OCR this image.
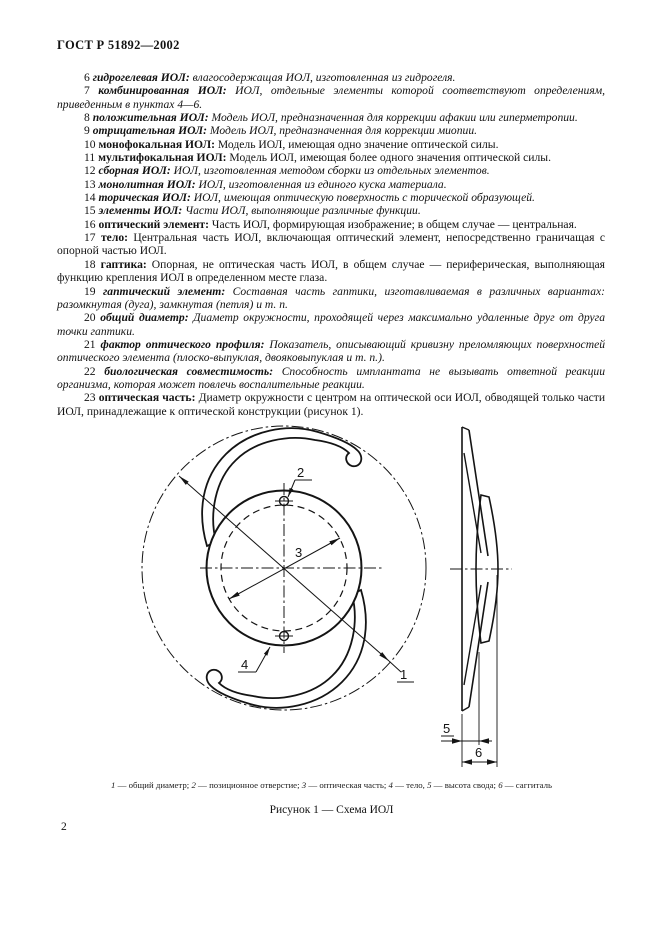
ГОСТ Р 51892—2002

6 гидрогелевая ИОЛ: влагосодержащая ИОЛ, изготовленная из гидрогеля.

7 комбинированная ИОЛ: ИОЛ, отдельные элементы которой соответствуют определениям, приведенным в пунктах 4—6.

8 положительная ИОЛ: Модель ИОЛ, предназначенная для коррекции афакии или гиперметропии.

9 отрицательная ИОЛ: Модель ИОЛ, предназначенная для коррекции миопии.

10 монофокальная ИОЛ: Модель ИОЛ, имеющая одно значение оптической силы.

11 мультифокальная ИОЛ: Модель ИОЛ, имеющая более одного значения оптической силы.

12 сборная ИОЛ: ИОЛ, изготовленная методом сборки из отдельных элементов.

13 монолитная ИОЛ: ИОЛ, изготовленная из единого куска материала.

14 торическая ИОЛ: ИОЛ, имеющая оптическую поверхность с торической образующей.

15 элементы ИОЛ: Части ИОЛ, выполняющие различные функции.

16 оптический элемент: Часть ИОЛ, формирующая изображение; в общем случае — центральная.

17 тело: Центральная часть ИОЛ, включающая оптический элемент, непосредственно граничащая с опорной частью ИОЛ.

18 гаптика: Опорная, не оптическая часть ИОЛ, в общем случае — периферическая, выполняющая функцию крепления ИОЛ в определенном месте глаза.

19 гаптический элемент: Составная часть гаптики, изготавливаемая в различных вариантах: разомкнутая (дуга), замкнутая (петля) и т. п.

20 общий диаметр: Диаметр окружности, проходящей через максимально удаленные друг от друга точки гаптики.

21 фактор оптического профиля: Показатель, описывающий кривизну преломляющих поверхностей оптического элемента (плоско-выпуклая, двояковыпуклая и т. п.).

22 биологическая совместимость: Способность имплантата не вызывать ответной реакции организма, которая может повлечь воспалительные реакции.

23 оптическая часть: Диаметр окружности с центром на оптической оси ИОЛ, обводящей только части ИОЛ, принадлежащие к оптической конструкции (рисунок 1).

1
3
2
4
5
6
1 — общий диаметр; 2 — позиционное отверстие; 3 — оптическая часть; 4 — тело, 5 — высота свода; 6 — саггиталь
Рисунок 1 — Схема ИОЛ
2
